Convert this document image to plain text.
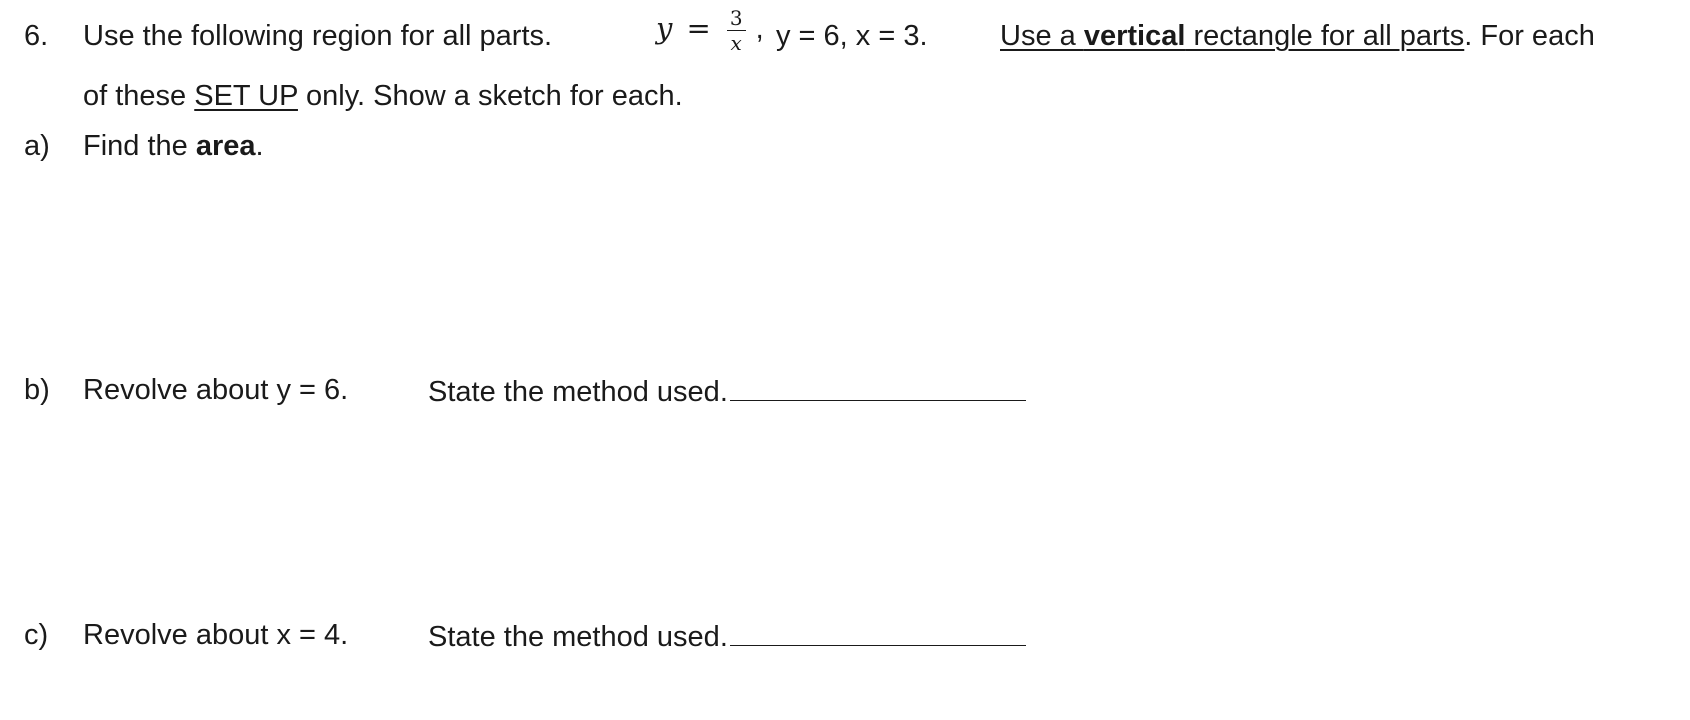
6. Use the following region for all parts.	$y = \frac{3}{x}$ , y = 6, x = 3. Use a vertical rectangle for all parts. For each
of these SET UP only. Show a sketch for each.
a) Find the area.
b) Revolve about y = 6.	State the method used.
c) Revolve about x = 4.	State the method used.
